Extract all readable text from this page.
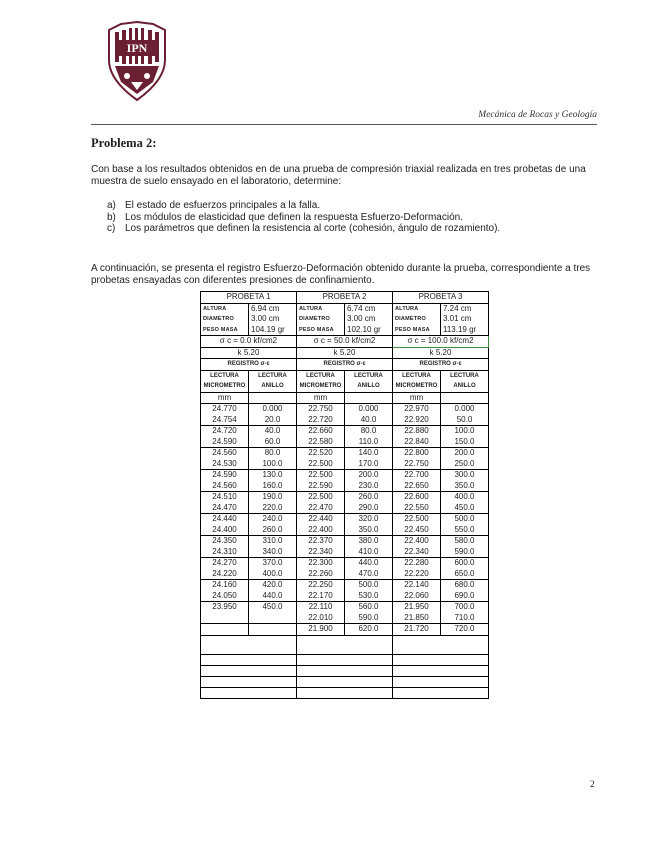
IPN
Mecánica de Rocas y Geología
Problema 2:

Con base a los resultados obtenidos en de una prueba de compresión triaxial realizada en tres probetas de una muestra de suelo ensayado en el laboratorio, determine:

a) El estado de esfuerzos principales a la falla.
b) Los módulos de elasticidad que definen la respuesta Esfuerzo-Deformación.
c) Los parámetros que definen la resistencia al corte (cohesión, ángulo de rozamiento).

A continuación, se presenta el registro Esfuerzo-Deformación obtenido durante la prueba, correspondiente a tres probetas ensayadas con diferentes presiones de confinamiento.

PROBETA 1		PROBETA 2		PROBETA 3	
ALTURA	6.94 cm	ALTURA	6.74 cm	ALTURA	7.24 cm
DIAMETRO	3.00 cm	DIAMETRO	3.00 cm	DIAMETRO	3.01 cm
PESO MASA	104.19 gr	PESO MASA	102.10 gr	PESO MASA	113.19 gr
σ c = 0.0 kf/cm2		σ c = 50.0 kf/cm2		σ c = 100.0 kf/cm2	
k 5.20		k 5.20		k 5.20	
REGISTRO σ-ε		REGISTRO σ-ε		REGISTRO σ-ε	
LECTURA	LECTURA	LECTURA	LECTURA	LECTURA	LECTURA
MICROMETRO	ANILLO	MICROMETRO	ANILLO	MICROMETRO	ANILLO
mm		mm		mm	
24.770	0.000	22.750	0.000	22.970	0.000
24.754	20.0	22.720	40.0	22.920	50.0
24.720	40.0	22.660	80.0	22.880	100.0
24.590	60.0	22.580	110.0	22.840	150.0
24.560	80.0	22.520	140.0	22.800	200.0
24.530	100.0	22.500	170.0	22.750	250.0
24.590	130.0	22.500	200.0	22.700	300.0
24.560	160.0	22.590	230.0	22.650	350.0
24.510	190.0	22.500	260.0	22.600	400.0
24.470	220.0	22.470	290.0	22.550	450.0
24.440	240.0	22.440	320.0	22.500	500.0
24.400	260.0	22.400	350.0	22.450	550.0
24.350	310.0	22.370	380.0	22.400	580.0
24.310	340.0	22.340	410.0	22.340	590.0
24.270	370.0	22.300	440.0	22.280	600.0
24.220	400.0	22.260	470.0	22.220	650.0
24.160	420.0	22.250	500.0	22.140	680.0
24.050	440.0	22.170	530.0	22.060	690.0
23.950	450.0	22.110	560.0	21.950	700.0
		22.010	590.0	21.850	710.0
		21.900	620.0	21.720	720.0

2
